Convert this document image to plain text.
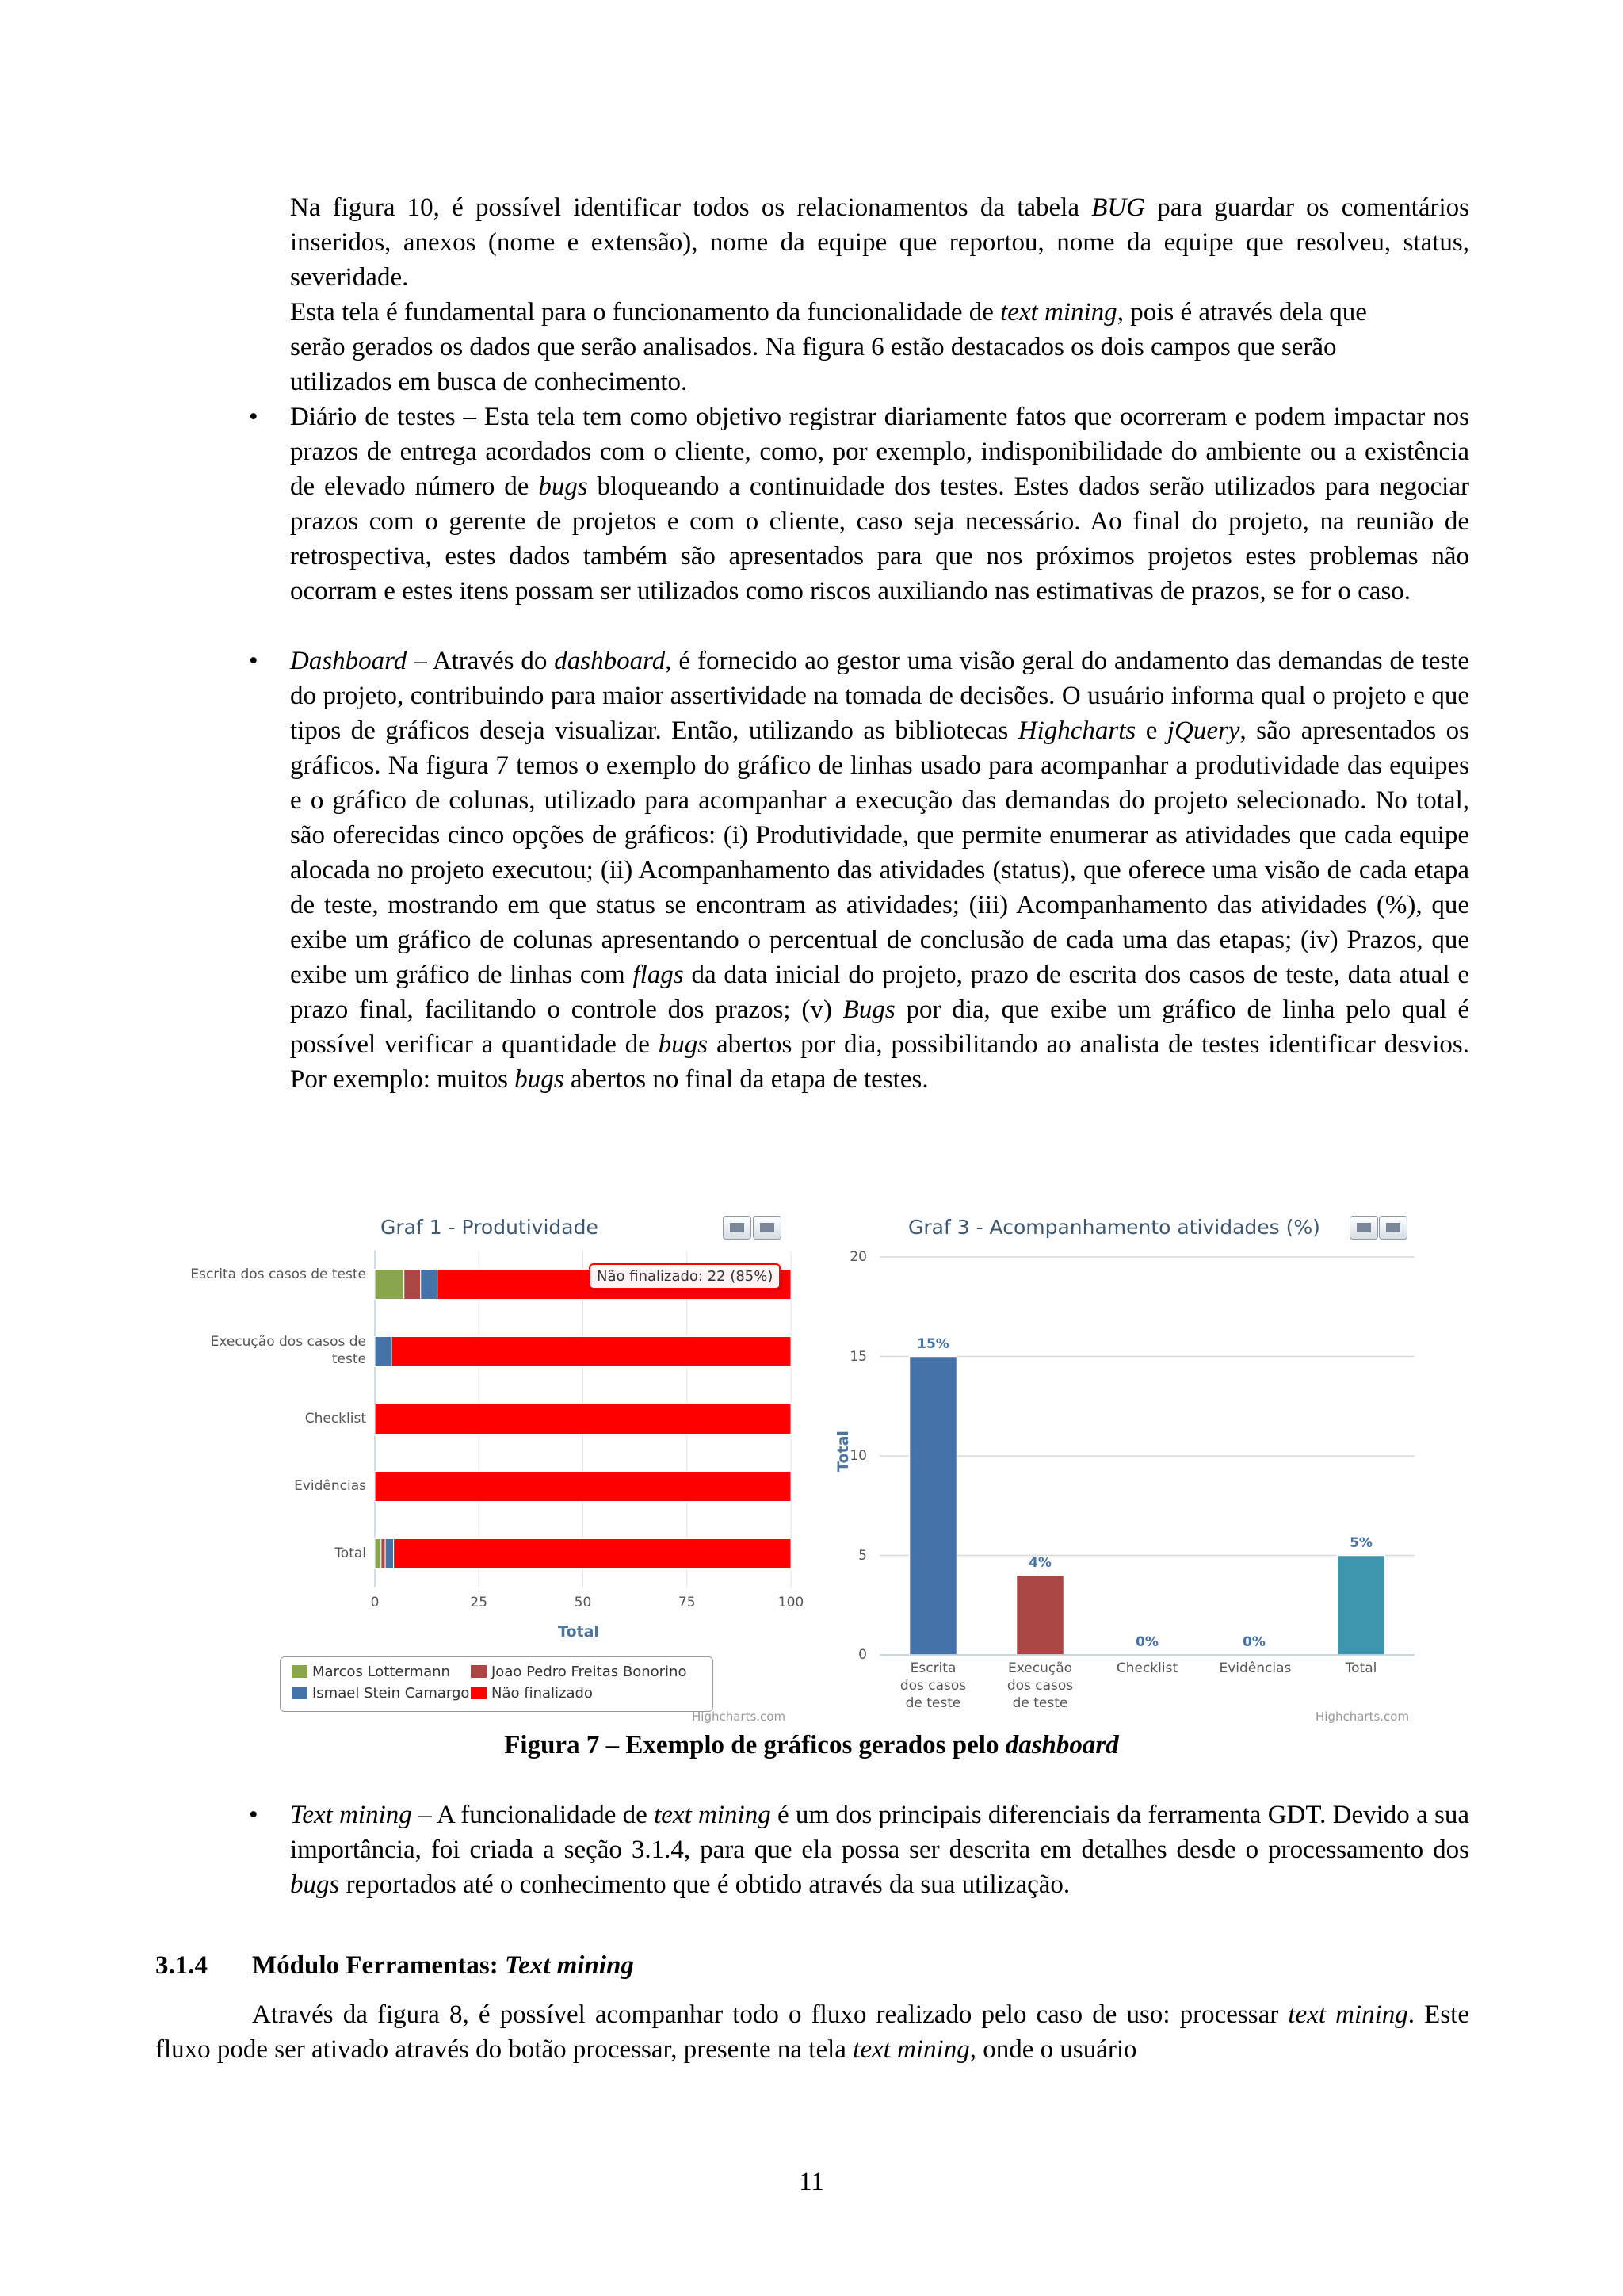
Na figura 10, é possível identificar todos os relacionamentos da tabela BUG para guardar os comentários inseridos, anexos (nome e extensão), nome da equipe que reportou, nome da equipe que resolveu, status, severidade.

Esta tela é fundamental para o funcionamento da funcionalidade de text mining, pois é através dela que serão gerados os dados que serão analisados. Na figura 6 estão destacados os dois campos que serão utilizados em busca de conhecimento.

• Diário de testes – Esta tela tem como objetivo registrar diariamente fatos que ocorreram e podem impactar nos prazos de entrega acordados com o cliente, como, por exemplo, indisponibilidade do ambiente ou a existência de elevado número de bugs bloqueando a continuidade dos testes. Estes dados serão utilizados para negociar prazos com o gerente de projetos e com o cliente, caso seja necessário. Ao final do projeto, na reunião de retrospectiva, estes dados também são apresentados para que nos próximos projetos estes problemas não ocorram e estes itens possam ser utilizados como riscos auxiliando nas estimativas de prazos, se for o caso.

• Dashboard – Através do dashboard, é fornecido ao gestor uma visão geral do andamento das demandas de teste do projeto, contribuindo para maior assertividade na tomada de decisões. O usuário informa qual o projeto e que tipos de gráficos deseja visualizar. Então, utilizando as bibliotecas Highcharts e jQuery, são apresentados os gráficos. Na figura 7 temos o exemplo do gráfico de linhas usado para acompanhar a produtividade das equipes e o gráfico de colunas, utilizado para acompanhar a execução das demandas do projeto selecionado. No total, são oferecidas cinco opções de gráficos: (i) Produtividade, que permite enumerar as atividades que cada equipe alocada no projeto executou; (ii) Acompanhamento das atividades (status), que oferece uma visão de cada etapa de teste, mostrando em que status se encontram as atividades; (iii) Acompanhamento das atividades (%), que exibe um gráfico de colunas apresentando o percentual de conclusão de cada uma das etapas; (iv) Prazos, que exibe um gráfico de linhas com flags da data inicial do projeto, prazo de escrita dos casos de teste, data atual e prazo final, facilitando o controle dos prazos; (v) Bugs por dia, que exibe um gráfico de linha pelo qual é possível verificar a quantidade de bugs abertos por dia, possibilitando ao analista de testes identificar desvios. Por exemplo: muitos bugs abertos no final da etapa de testes.

Graf 1 - Produtividade
Total
Marcos Lottermann	Joao Pedro Freitas Bonorino
Ismael Stein Camargo	Não finalizado
Highcharts.com
Escrita dos casos de teste
Execução dos casos de teste
Checklist
Evidências
Total
0	25	50	75	100
Não finalizado: 22 (85%)
Graf 3 - Acompanhamento atividades (%)
Highcharts.com
0
5
10
15
20
Total
15%
Escrita dos casos de teste
4%
Execução dos casos de teste
0%
Checklist
0%
Evidências
5%
Total
Figura 7 – Exemplo de gráficos gerados pelo dashboard
• Text mining – A funcionalidade de text mining é um dos principais diferenciais da ferramenta GDT. Devido a sua importância, foi criada a seção 3.1.4, para que ela possa ser descrita em detalhes desde o processamento dos bugs reportados até o conhecimento que é obtido através da sua utilização.

3.1.4 Módulo Ferramentas: Text mining

Através da figura 8, é possível acompanhar todo o fluxo realizado pelo caso de uso: processar text mining. Este fluxo pode ser ativado através do botão processar, presente na tela text mining, onde o usuário

11
